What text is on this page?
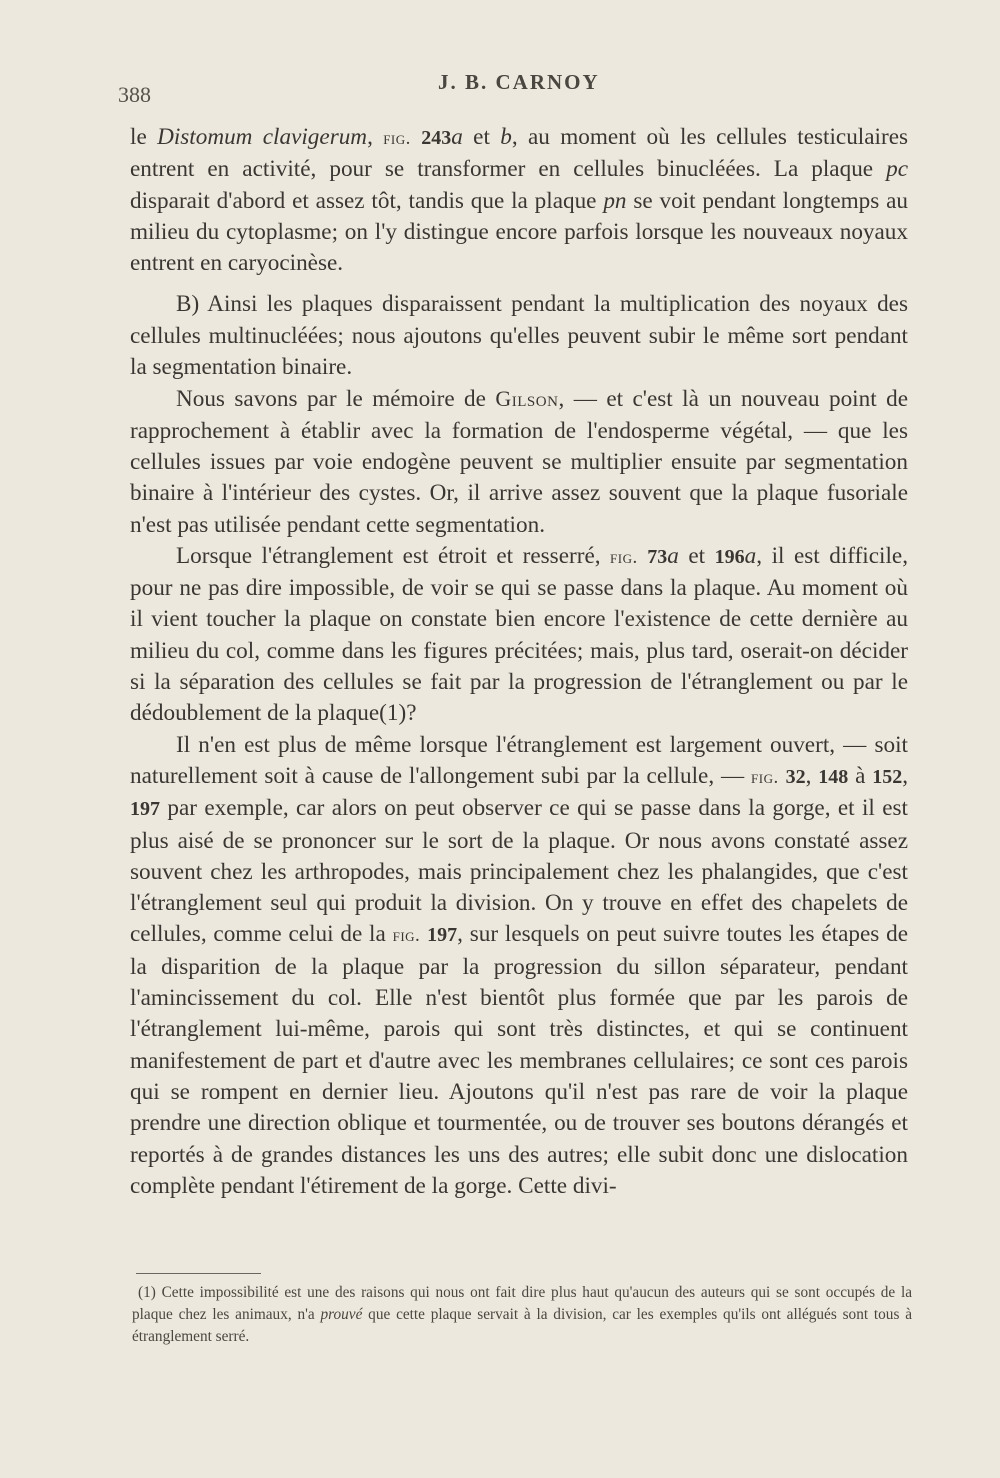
388	J. B. CARNOY

le Distomum clavigerum, fig. 243a et b, au moment où les cellules testiculaires entrent en activité, pour se transformer en cellules binucléées. La plaque pc disparait d'abord et assez tôt, tandis que la plaque pn se voit pendant longtemps au milieu du cytoplasme; on l'y distingue encore parfois lorsque les nouveaux noyaux entrent en caryocinèse.

B) Ainsi les plaques disparaissent pendant la multiplication des noyaux des cellules multinucléées; nous ajoutons qu'elles peuvent subir le même sort pendant la segmentation binaire.

Nous savons par le mémoire de Gilson, — et c'est là un nouveau point de rapprochement à établir avec la formation de l'endosperme végétal, — que les cellules issues par voie endogène peuvent se multiplier ensuite par segmentation binaire à l'intérieur des cystes. Or, il arrive assez souvent que la plaque fusoriale n'est pas utilisée pendant cette segmentation.

Lorsque l'étranglement est étroit et resserré, fig. 73a et 196a, il est difficile, pour ne pas dire impossible, de voir se qui se passe dans la plaque. Au moment où il vient toucher la plaque on constate bien encore l'existence de cette dernière au milieu du col, comme dans les figures précitées; mais, plus tard, oserait-on décider si la séparation des cellules se fait par la progression de l'étranglement ou par le dédoublement de la plaque(1)?

Il n'en est plus de même lorsque l'étranglement est largement ouvert, — soit naturellement soit à cause de l'allongement subi par la cellule, — fig. 32, 148 à 152, 197 par exemple, car alors on peut observer ce qui se passe dans la gorge, et il est plus aisé de se prononcer sur le sort de la plaque. Or nous avons constaté assez souvent chez les arthropodes, mais principalement chez les phalangides, que c'est l'étranglement seul qui produit la division. On y trouve en effet des chapelets de cellules, comme celui de la fig. 197, sur lesquels on peut suivre toutes les étapes de la disparition de la plaque par la progression du sillon séparateur, pendant l'amincissement du col. Elle n'est bientôt plus formée que par les parois de l'étranglement lui-même, parois qui sont très distinctes, et qui se continuent manifestement de part et d'autre avec les membranes cellulaires; ce sont ces parois qui se rompent en dernier lieu. Ajoutons qu'il n'est pas rare de voir la plaque prendre une direction oblique et tourmentée, ou de trouver ses boutons dérangés et reportés à de grandes distances les uns des autres; elle subit donc une dislocation complète pendant l'étirement de la gorge. Cette divi-

(1) Cette impossibilité est une des raisons qui nous ont fait dire plus haut qu'aucun des auteurs qui se sont occupés de la plaque chez les animaux, n'a prouvé que cette plaque servait à la division, car les exemples qu'ils ont allégués sont tous à étranglement serré.
